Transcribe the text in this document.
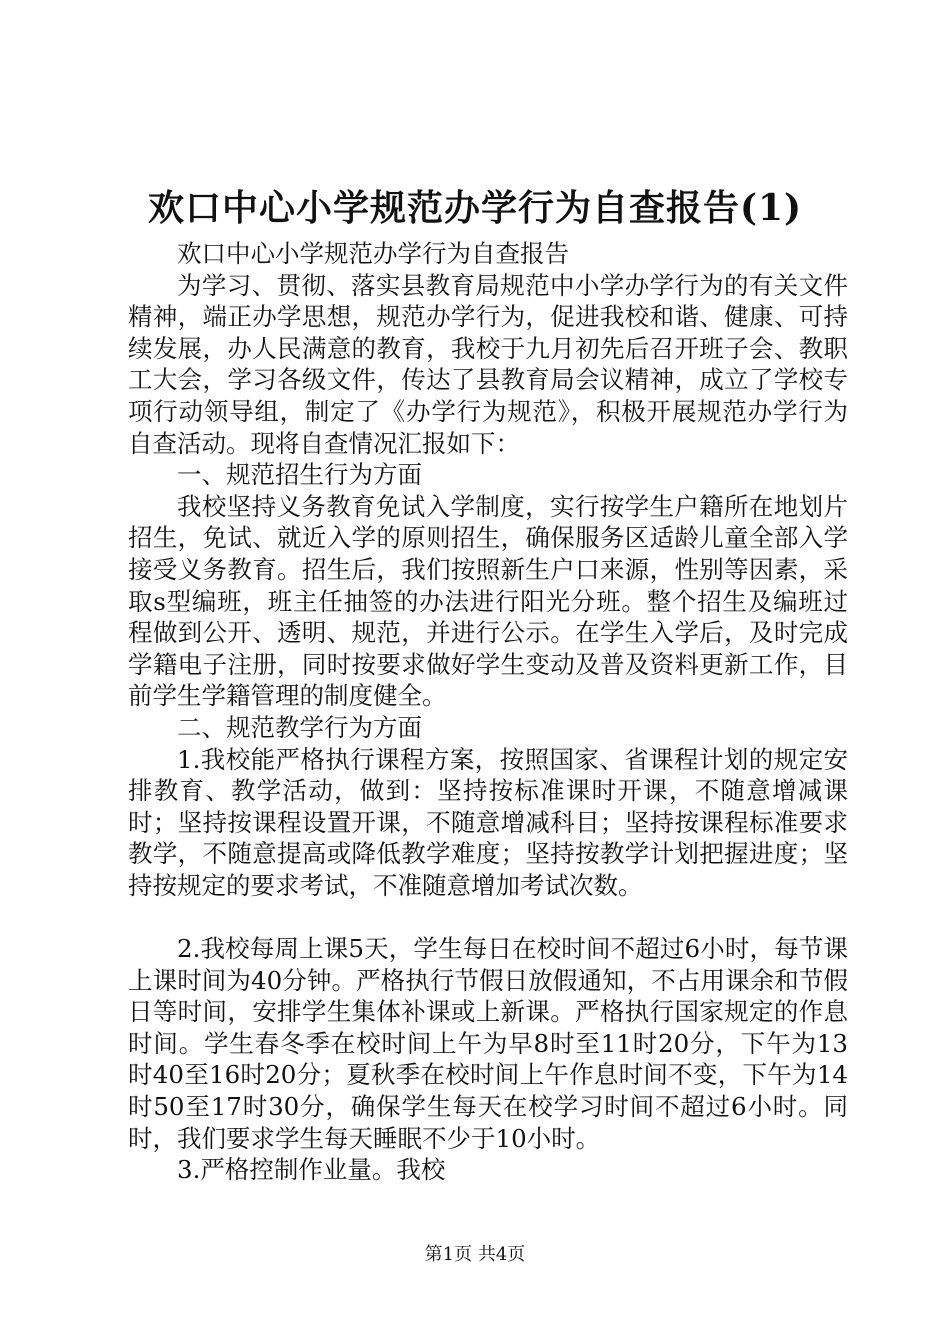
欢口中心小学规范办学行为自查报告(1)

欢口中心小学规范办学行为自查报告

为学习、贯彻、落实县教育局规范中小学办学行为的有关文件精神，端正办学思想，规范办学行为，促进我校和谐、健康、可持续发展，办人民满意的教育，我校于九月初先后召开班子会、教职工大会，学习各级文件，传达了县教育局会议精神，成立了学校专项行动领导组，制定了《办学行为规范》，积极开展规范办学行为自查活动。现将自查情况汇报如下：

一、规范招生行为方面

我校坚持义务教育免试入学制度，实行按学生户籍所在地划片招生，免试、就近入学的原则招生，确保服务区适龄儿童全部入学接受义务教育。招生后，我们按照新生户口来源，性别等因素，采取s型编班，班主任抽签的办法进行阳光分班。整个招生及编班过程做到公开、透明、规范，并进行公示。在学生入学后，及时完成学籍电子注册，同时按要求做好学生变动及普及资料更新工作，目前学生学籍管理的制度健全。

二、规范教学行为方面

1.我校能严格执行课程方案，按照国家、省课程计划的规定安排教育、教学活动，做到：坚持按标准课时开课，不随意增减课时；坚持按课程设置开课，不随意增减科目；坚持按课程标准要求教学，不随意提高或降低教学难度；坚持按教学计划把握进度；坚持按规定的要求考试，不准随意增加考试次数。

2.我校每周上课5天，学生每日在校时间不超过6小时，每节课上课时间为40分钟。严格执行节假日放假通知，不占用课余和节假日等时间，安排学生集体补课或上新课。严格执行国家规定的作息时间。学生春冬季在校时间上午为早8时至11时20分，下午为13时40至16时20分；夏秋季在校时间上午作息时间不变，下午为14时50至17时30分，确保学生每天在校学习时间不超过6小时。同时，我们要求学生每天睡眠不少于10小时。

3.严格控制作业量。我校

第1页 共4页
